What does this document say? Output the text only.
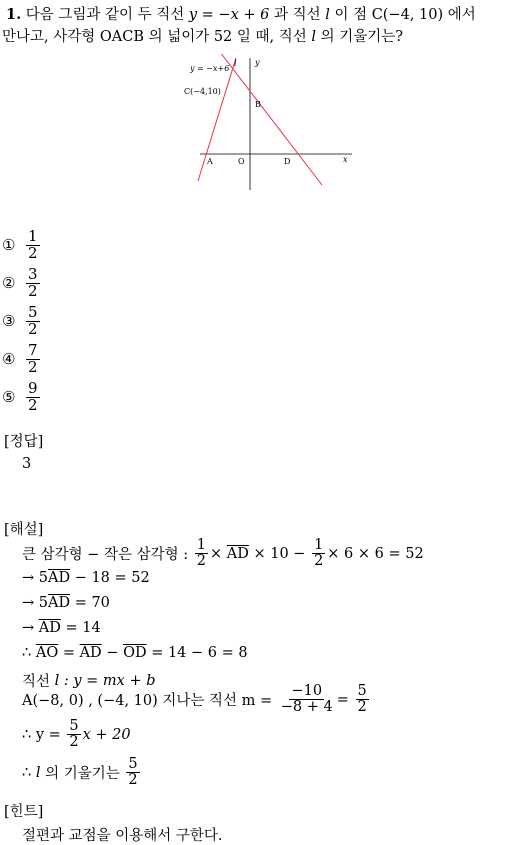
1. 다음 그림과 같이 두 직선 y = −x + 6 과 직선 l 이 점 C(−4, 10) 에서
만나고, 사각형 OACB 의 넓이가 52 일 때, 직선 l 의 기울기는?
y = −x+6
l y
x
C(−4,10)
B
A	O	D
① $\frac{1}{2}$
② $\frac{3}{2}$
③ $\frac{5}{2}$
④ $\frac{7}{2}$
⑤ $\frac{9}{2}$
[정답]
3
[해설]
큰 삼각형 − 작은 삼각형 :
$\frac{1}{2}$ ×
$\overline{AD}$
× 10 −
$\frac{1}{2} \times 6 \times 6 = 52$
→ 5 $\overline{AD}$
− 18 = 52
→ 5 $\overline{AD}$
= 70
→
$\overline{AD}$
= 14
∴
$\overline{AO}$
=
$\overline{AD}$
−
$\overline{OD}$
= 14 − 6 = 8
직선
l
: y = mx + b
A(−8, 0) , (−4, 10) 지나는 직선 m =
$\frac{-10}{-8 + 4}$ =
$\frac{5}{2}$
∴ y =
$\frac{5}{2}$ x + 20
∴
l
의 기울기는
$\frac{5}{2}$
[힌트]
절편과 교점을 이용해서 구한다.
